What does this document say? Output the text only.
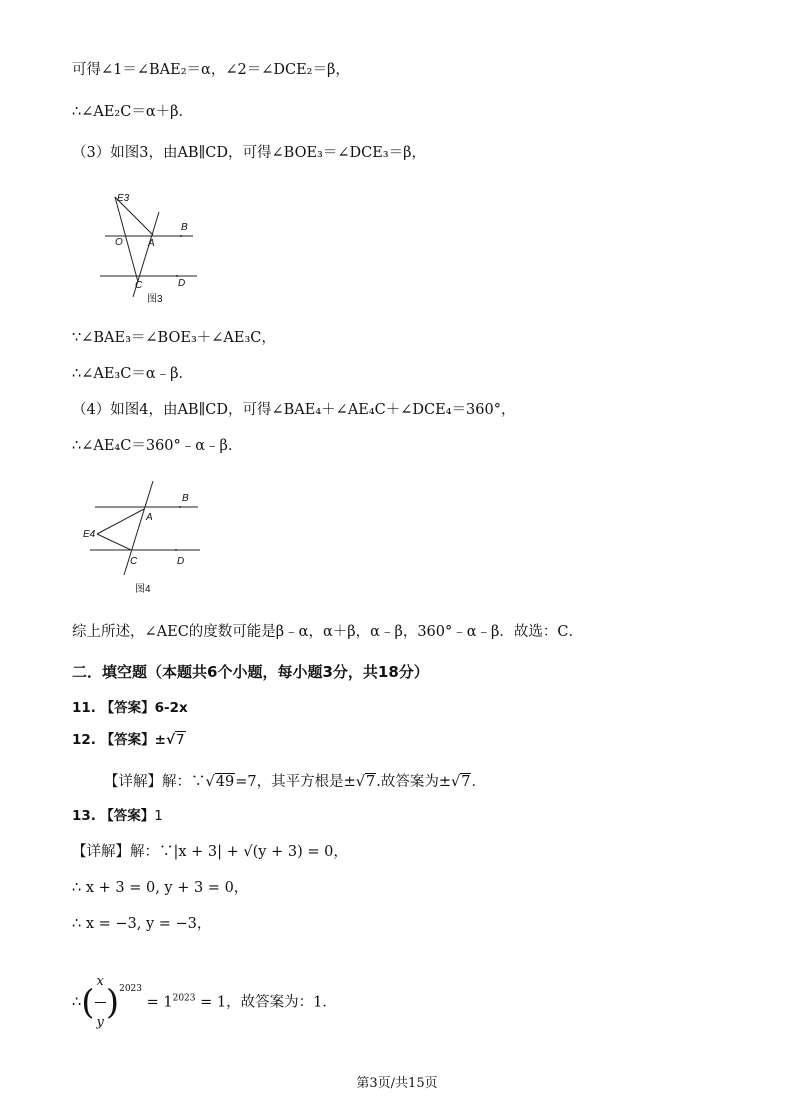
可得∠1＝∠BAE₂＝α，∠2＝∠DCE₂＝β，
∴∠AE₂C＝α＋β．
（3）如图3，由AB∥CD，可得∠BOE₃＝∠DCE₃＝β，
E3
B
O	A
C	D
图3
∵∠BAE₃＝∠BOE₃＋∠AE₃C，
∴∠AE₃C＝α﹣β．
（4）如图4，由AB∥CD，可得∠BAE₄＋∠AE₄C＋∠DCE₄＝360°，
∴∠AE₄C＝360°﹣α﹣β．
B
A
E4
C	D
图4
综上所述，∠AEC的度数可能是β﹣α，α＋β，α﹣β，360°﹣α﹣β．故选：C．
二．填空题（本题共6个小题，每小题3分，共18分）
11. 【答案】6-2x
12. 【答案】±√7
【详解】解：∵√49=7，其平方根是±√7.故答案为±√7．
13. 【答案】1
【详解】解：∵|x + 3| + √(y + 3) = 0，
∴ x + 3 = 0, y + 3 = 0，
∴ x = −3, y = −3，
∴( $\frac{x}{y} )^{2023} = 1^{2023} = 1$，故答案为：1．
第3页/共15页
